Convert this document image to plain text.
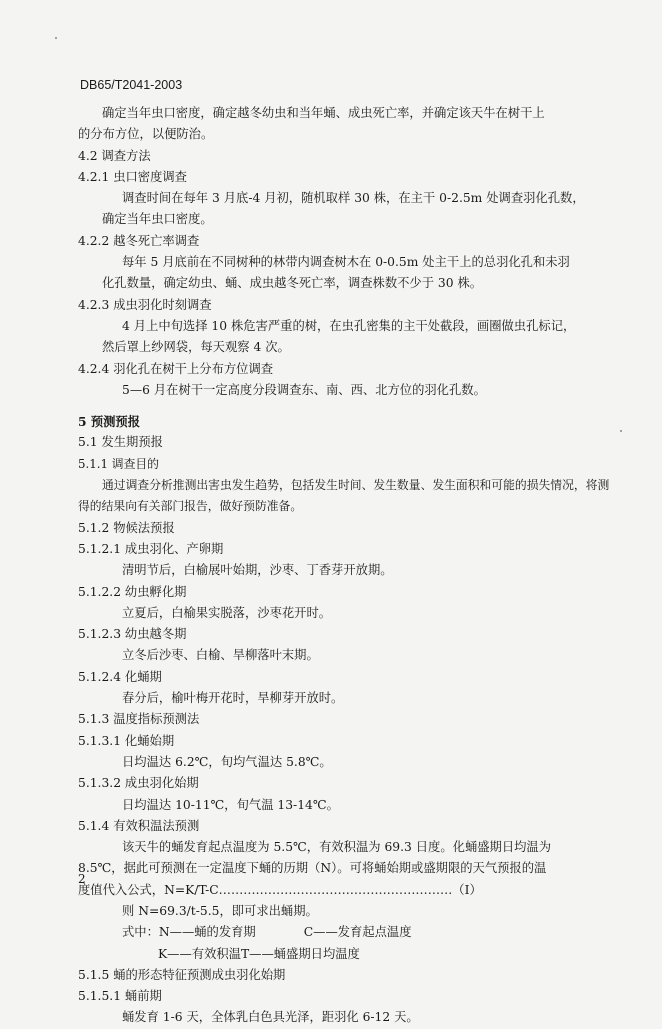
DB65/T2041-2003
确定当年虫口密度，确定越冬幼虫和当年蛹、成虫死亡率，并确定该天牛在树干上
的分布方位，以便防治。
4.2 调查方法
4.2.1 虫口密度调查
调查时间在每年 3 月底-4 月初，随机取样 30 株，在主干 0-2.5m 处调查羽化孔数，
确定当年虫口密度。
4.2.2 越冬死亡率调查
每年 5 月底前在不同树种的林带内调查树木在 0-0.5m 处主干上的总羽化孔和未羽
化孔数量，确定幼虫、蛹、成虫越冬死亡率，调查株数不少于 30 株。
4.2.3 成虫羽化时刻调查
4 月上中旬选择 10 株危害严重的树，在虫孔密集的主干处截段，画圈做虫孔标记，
然后罩上纱网袋，每天观察 4 次。
4.2.4 羽化孔在树干上分布方位调查
5—6 月在树干一定高度分段调查东、南、西、北方位的羽化孔数。
5 预测预报
5.1 发生期预报
5.1.1 调查目的
通过调查分析推测出害虫发生趋势，包括发生时间、发生数量、发生面积和可能的损失情况，将测
得的结果向有关部门报告，做好预防准备。
5.1.2 物候法预报
5.1.2.1 成虫羽化、产卵期
清明节后，白榆展叶始期，沙枣、丁香芽开放期。
5.1.2.2 幼虫孵化期
立夏后，白榆果实脱落，沙枣花开时。
5.1.2.3 幼虫越冬期
立冬后沙枣、白榆、旱柳落叶末期。
5.1.2.4 化蛹期
春分后，榆叶梅开花时，旱柳芽开放时。
5.1.3 温度指标预测法
5.1.3.1 化蛹始期
日均温达 6.2℃，旬均气温达 5.8℃。
5.1.3.2 成虫羽化始期
日均温达 10-11℃，旬气温 13-14℃。
5.1.4 有效积温法预测
该天牛的蛹发育起点温度为 5.5℃，有效积温为 69.3 日度。化蛹盛期日均温为
8.5℃，据此可预测在一定温度下蛹的历期（N）。可将蛹始期或盛期限的天气预报的温
度值代入公式，N=K/T-C…………………………………………………（I）
则 N=69.3/t-5.5，即可求出蛹期。
式中：N——蛹的发育期	C——发育起点温度
K——有效积温T——蛹盛期日均温度
5.1.5 蛹的形态特征预测成虫羽化始期
5.1.5.1 蛹前期
蛹发育 1-6 天，全体乳白色具光泽，距羽化 6-12 天。
2
